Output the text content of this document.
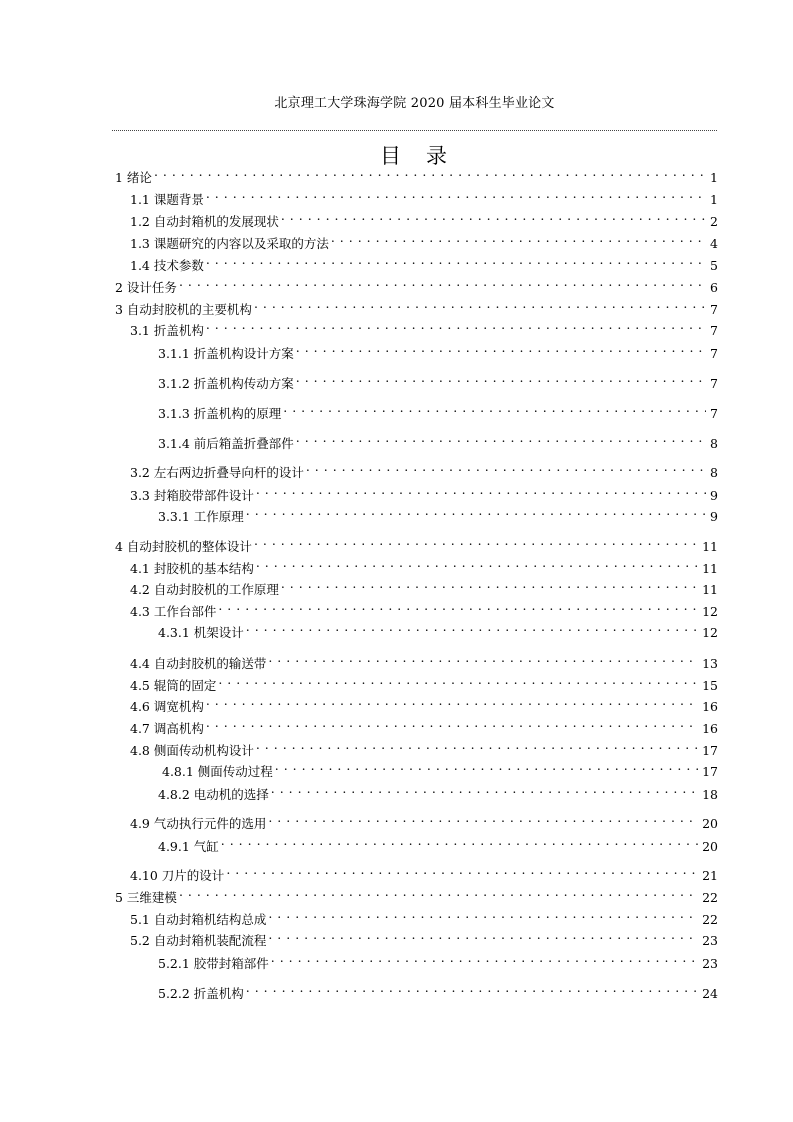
北京理工大学珠海学院 2020 届本科生毕业论文
目　录
1 绪论 . . .	1
1.1 课题背景 . . .	1
1.2 自动封箱机的发展现状 . . .	2
1.3 课题研究的内容以及采取的方法 . . .	4
1.4 技术参数 . . .	5
2 设计任务 . . .	6
3 自动封胶机的主要机构 . . .	7
3.1 折盖机构 . . .	7
3.1.1 折盖机构设计方案 . . .	7
3.1.2 折盖机构传动方案 . . .	7
3.1.3 折盖机构的原理 . . .	7
3.1.4 前后箱盖折叠部件 . . .	8
3.2 左右两边折叠导向杆的设计 . . .	8
3.3 封箱胶带部件设计 . . .	9
3.3.1 工作原理 . . .	9
4 自动封胶机的整体设计 . . .	11
4.1 封胶机的基本结构 . . .	11
4.2 自动封胶机的工作原理 . . .	11
4.3 工作台部件 . . .	12
4.3.1 机架设计 . . .	12
4.4 自动封胶机的输送带 . . .	13
4.5 辊筒的固定 . . .	15
4.6 调宽机构 . . .	16
4.7 调高机构 . . .	16
4.8 侧面传动机构设计 . . .	17
4.8.1 侧面传动过程 . . .	17
4.8.2 电动机的选择 . . .	18
4.9 气动执行元件的选用 . . .	20
4.9.1 气缸 . . .	20
4.10 刀片的设计 . . .	21
5 三维建模 . . .	22
5.1 自动封箱机结构总成 . . .	22
5.2 自动封箱机装配流程 . . .	23
5.2.1 胶带封箱部件 . . .	23
5.2.2 折盖机构 . . .	24
